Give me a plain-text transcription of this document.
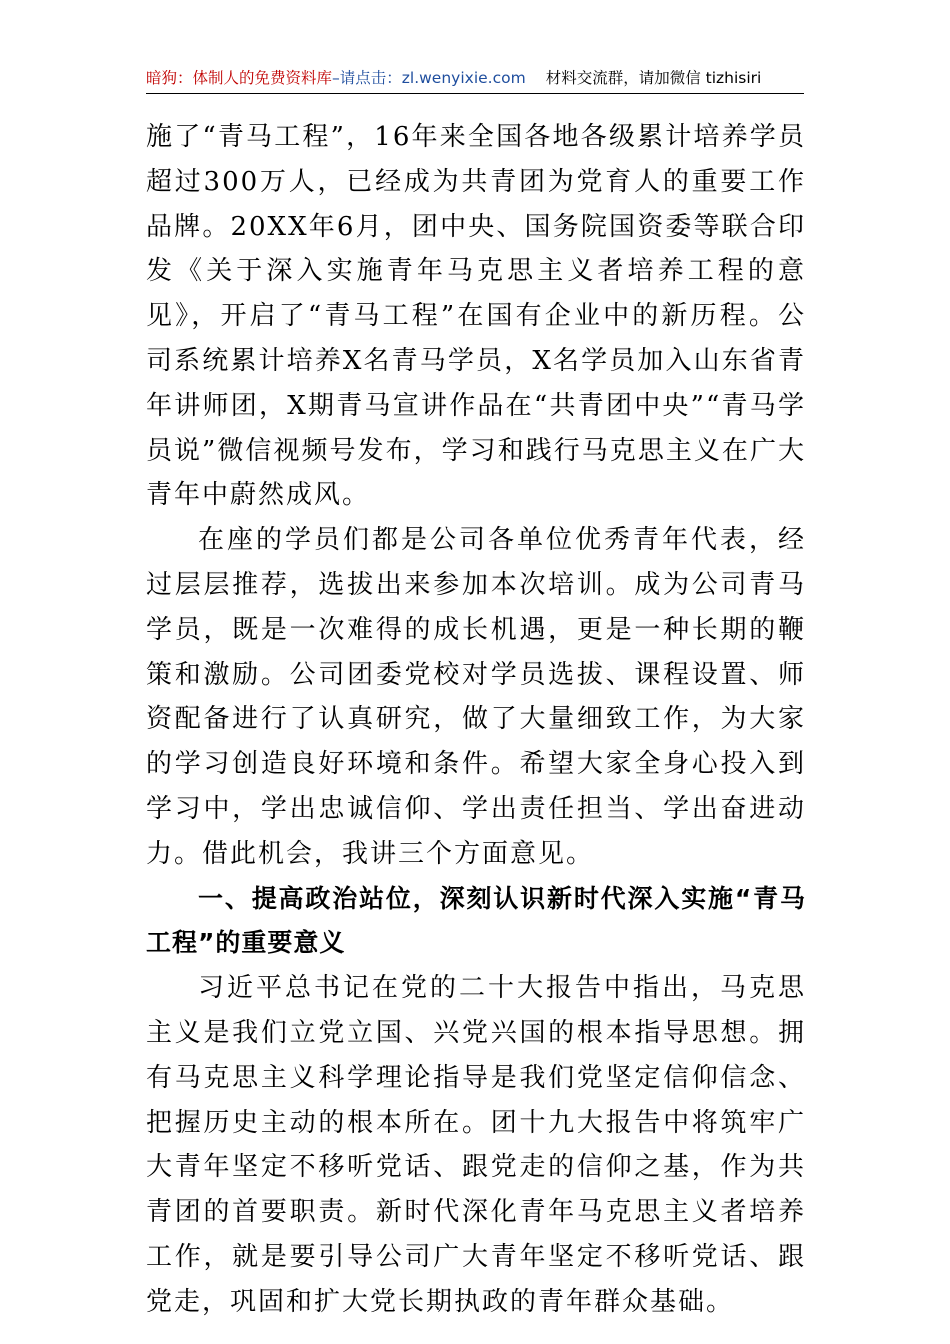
暗狗：体制人的免费资料库 –请点击：zl.wenyixie.com 材料交流群，请加微信 tizhisiri

施了“青马工程”，16年来全国各地各级累计培养学员超过300万人，已经成为共青团为党育人的重要工作品牌。20XX年6月，团中央、国务院国资委等联合印发《关于深入实施青年马克思主义者培养工程的意见》，开启了“青马工程”在国有企业中的新历程。公司系统累计培养X名青马学员，X名学员加入山东省青年讲师团，X期青马宣讲作品在“共青团中央”“青马学员说”微信视频号发布，学习和践行马克思主义在广大青年中蔚然成风。

在座的学员们都是公司各单位优秀青年代表，经过层层推荐，选拔出来参加本次培训。成为公司青马学员，既是一次难得的成长机遇，更是一种长期的鞭策和激励。公司团委党校对学员选拔、课程设置、师资配备进行了认真研究，做了大量细致工作，为大家的学习创造良好环境和条件。希望大家全身心投入到学习中，学出忠诚信仰、学出责任担当、学出奋进动力。借此机会，我讲三个方面意见。

一、提高政治站位，深刻认识新时代深入实施“青马工程”的重要意义

习近平总书记在党的二十大报告中指出，马克思主义是我们立党立国、兴党兴国的根本指导思想。拥有马克思主义科学理论指导是我们党坚定信仰信念、把握历史主动的根本所在。团十九大报告中将筑牢广大青年坚定不移听党话、跟党走的信仰之基，作为共青团的首要职责。新时代深化青年马克思主义者培养工作，就是要引导公司广大青年坚定不移听党话、跟党走，巩固和扩大党长期执政的青年群众基础。
